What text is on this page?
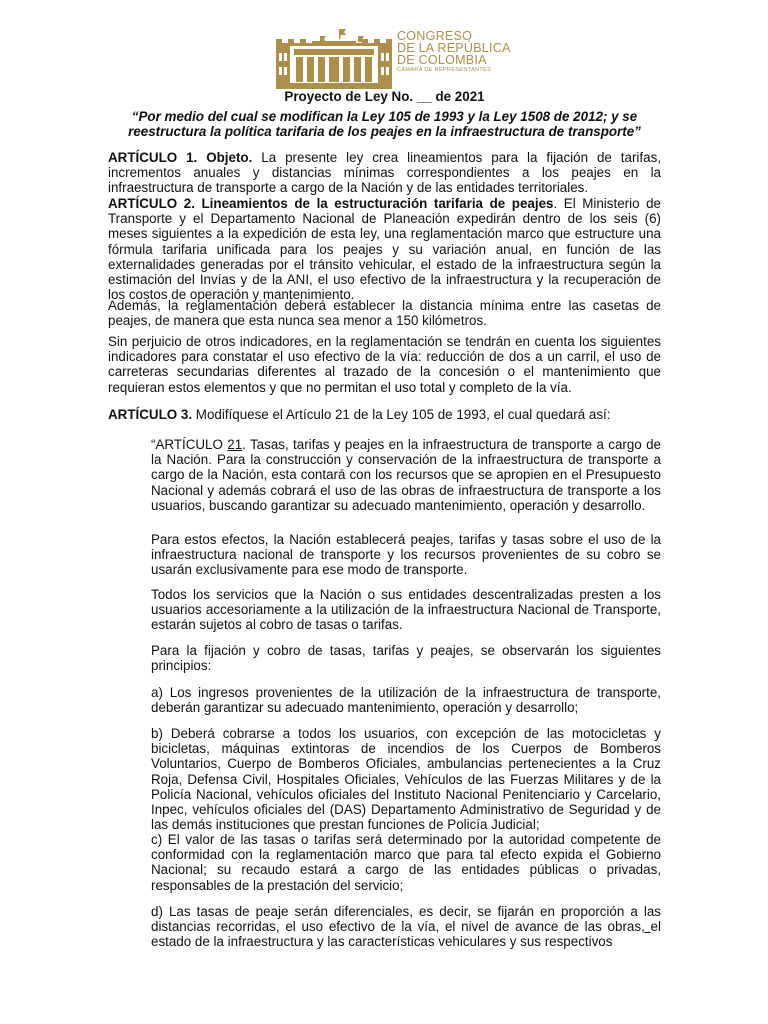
CONGRESO
DE LA REPÚBLICA
DE COLOMBIA
CÁMARA DE REPRESENTANTES
Proyecto de Ley No. __ de 2021
“Por medio del cual se modifican la Ley 105 de 1993 y la Ley 1508 de 2012; y se reestructura la política tarifaria de los peajes en la infraestructura de transporte”

ARTÍCULO 1. Objeto. La presente ley crea lineamientos para la fijación de tarifas, incrementos anuales y distancias mínimas correspondientes a los peajes en la infraestructura de transporte a cargo de la Nación y de las entidades territoriales.

ARTÍCULO 2. Lineamientos de la estructuración tarifaria de peajes. El Ministerio de Transporte y el Departamento Nacional de Planeación expedirán dentro de los seis (6) meses siguientes a la expedición de esta ley, una reglamentación marco que estructure una fórmula tarifaria unificada para los peajes y su variación anual, en función de las externalidades generadas por el tránsito vehicular, el estado de la infraestructura según la estimación del Invías y de la ANI, el uso efectivo de la infraestructura y la recuperación de los costos de operación y mantenimiento.

Además, la reglamentación deberá establecer la distancia mínima entre las casetas de peajes, de manera que esta nunca sea menor a 150 kilómetros.

Sin perjuicio de otros indicadores, en la reglamentación se tendrán en cuenta los siguientes indicadores para constatar el uso efectivo de la vía: reducción de dos a un carril, el uso de carreteras secundarias diferentes al trazado de la concesión o el mantenimiento que requieran estos elementos y que no permitan el uso total y completo de la vía.

ARTÍCULO 3. Modifíquese el Artículo 21 de la Ley 105 de 1993, el cual quedará así:

“ARTÍCULO 21. Tasas, tarifas y peajes en la infraestructura de transporte a cargo de la Nación. Para la construcción y conservación de la infraestructura de transporte a cargo de la Nación, esta contará con los recursos que se apropien en el Presupuesto Nacional y además cobrará el uso de las obras de infraestructura de transporte a los usuarios, buscando garantizar su adecuado mantenimiento, operación y desarrollo.

Para estos efectos, la Nación establecerá peajes, tarifas y tasas sobre el uso de la infraestructura nacional de transporte y los recursos provenientes de su cobro se usarán exclusivamente para ese modo de transporte.

Todos los servicios que la Nación o sus entidades descentralizadas presten a los usuarios accesoriamente a la utilización de la infraestructura Nacional de Transporte, estarán sujetos al cobro de tasas o tarifas.

Para la fijación y cobro de tasas, tarifas y peajes, se observarán los siguientes principios:

a) Los ingresos provenientes de la utilización de la infraestructura de transporte, deberán garantizar su adecuado mantenimiento, operación y desarrollo;

b) Deberá cobrarse a todos los usuarios, con excepción de las motocicletas y bicicletas, máquinas extintoras de incendios de los Cuerpos de Bomberos Voluntarios, Cuerpo de Bomberos Oficiales, ambulancias pertenecientes a la Cruz Roja, Defensa Civil, Hospitales Oficiales, Vehículos de las Fuerzas Militares y de la Policía Nacional, vehículos oficiales del Instituto Nacional Penitenciario y Carcelario, Inpec, vehículos oficiales del (DAS) Departamento Administrativo de Seguridad y de las demás instituciones que prestan funciones de Policía Judicial;

c) El valor de las tasas o tarifas será determinado por la autoridad competente de conformidad con la reglamentación marco que para tal efecto expida el Gobierno Nacional; su recaudo estará a cargo de las entidades públicas o privadas, responsables de la prestación del servicio;

d) Las tasas de peaje serán diferenciales, es decir, se fijarán en proporción a las distancias recorridas, el uso efectivo de la vía, el nivel de avance de las obras, el estado de la infraestructura y las características vehiculares y sus respectivos
